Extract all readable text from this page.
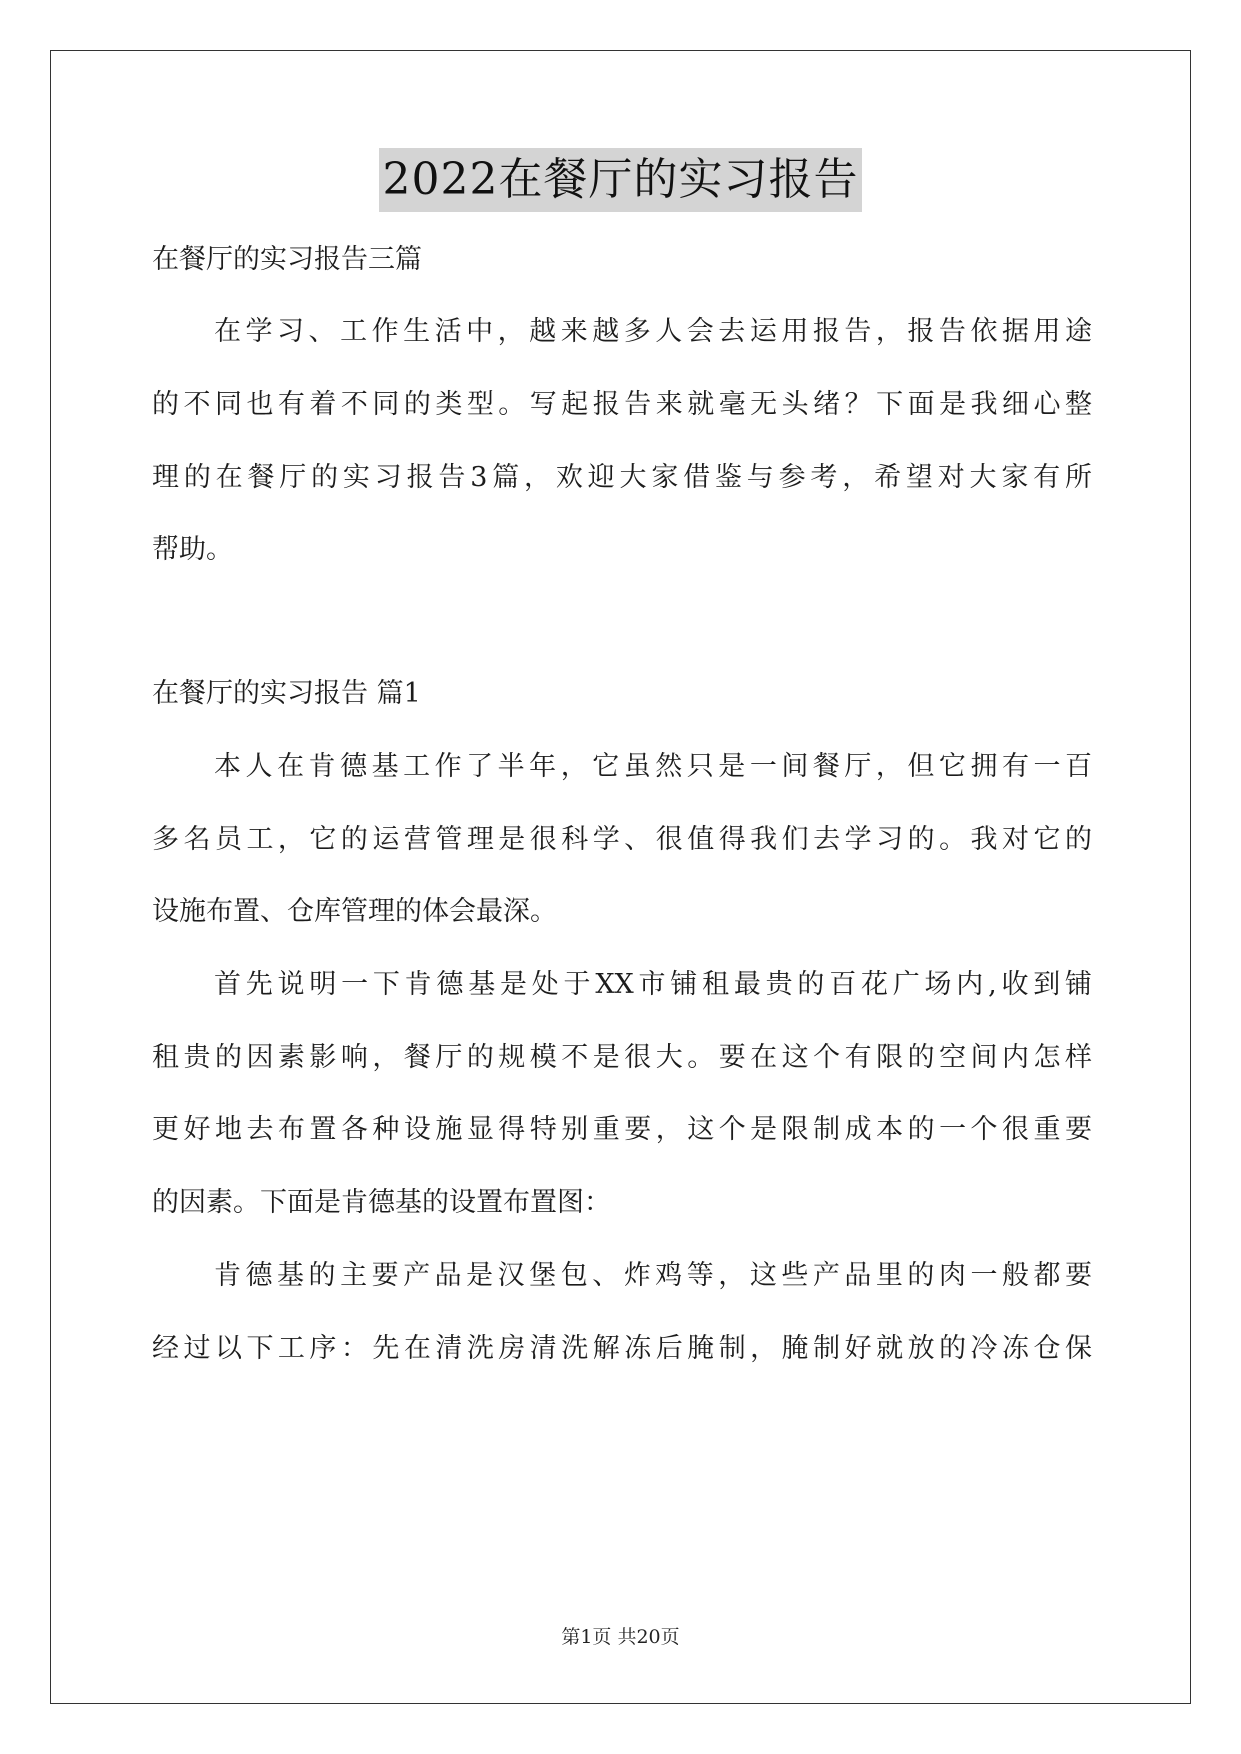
2022在餐厅的实习报告
在餐厅的实习报告三篇
在学习、工作生活中，越来越多人会去运用报告，报告依据用途
的不同也有着不同的类型。写起报告来就毫无头绪？下面是我细心整
理的在餐厅的实习报告3篇，欢迎大家借鉴与参考，希望对大家有所
帮助。
在餐厅的实习报告 篇1
本人在肯德基工作了半年，它虽然只是一间餐厅，但它拥有一百
多名员工，它的运营管理是很科学、很值得我们去学习的。我对它的
设施布置、仓库管理的体会最深。
首先说明一下肯德基是处于XX市铺租最贵的百花广场内,收到铺
租贵的因素影响，餐厅的规模不是很大。要在这个有限的空间内怎样
更好地去布置各种设施显得特别重要，这个是限制成本的一个很重要
的因素。下面是肯德基的设置布置图：
肯德基的主要产品是汉堡包、炸鸡等，这些产品里的肉一般都要
经过以下工序：先在清洗房清洗解冻后腌制，腌制好就放的冷冻仓保
第1页 共20页
